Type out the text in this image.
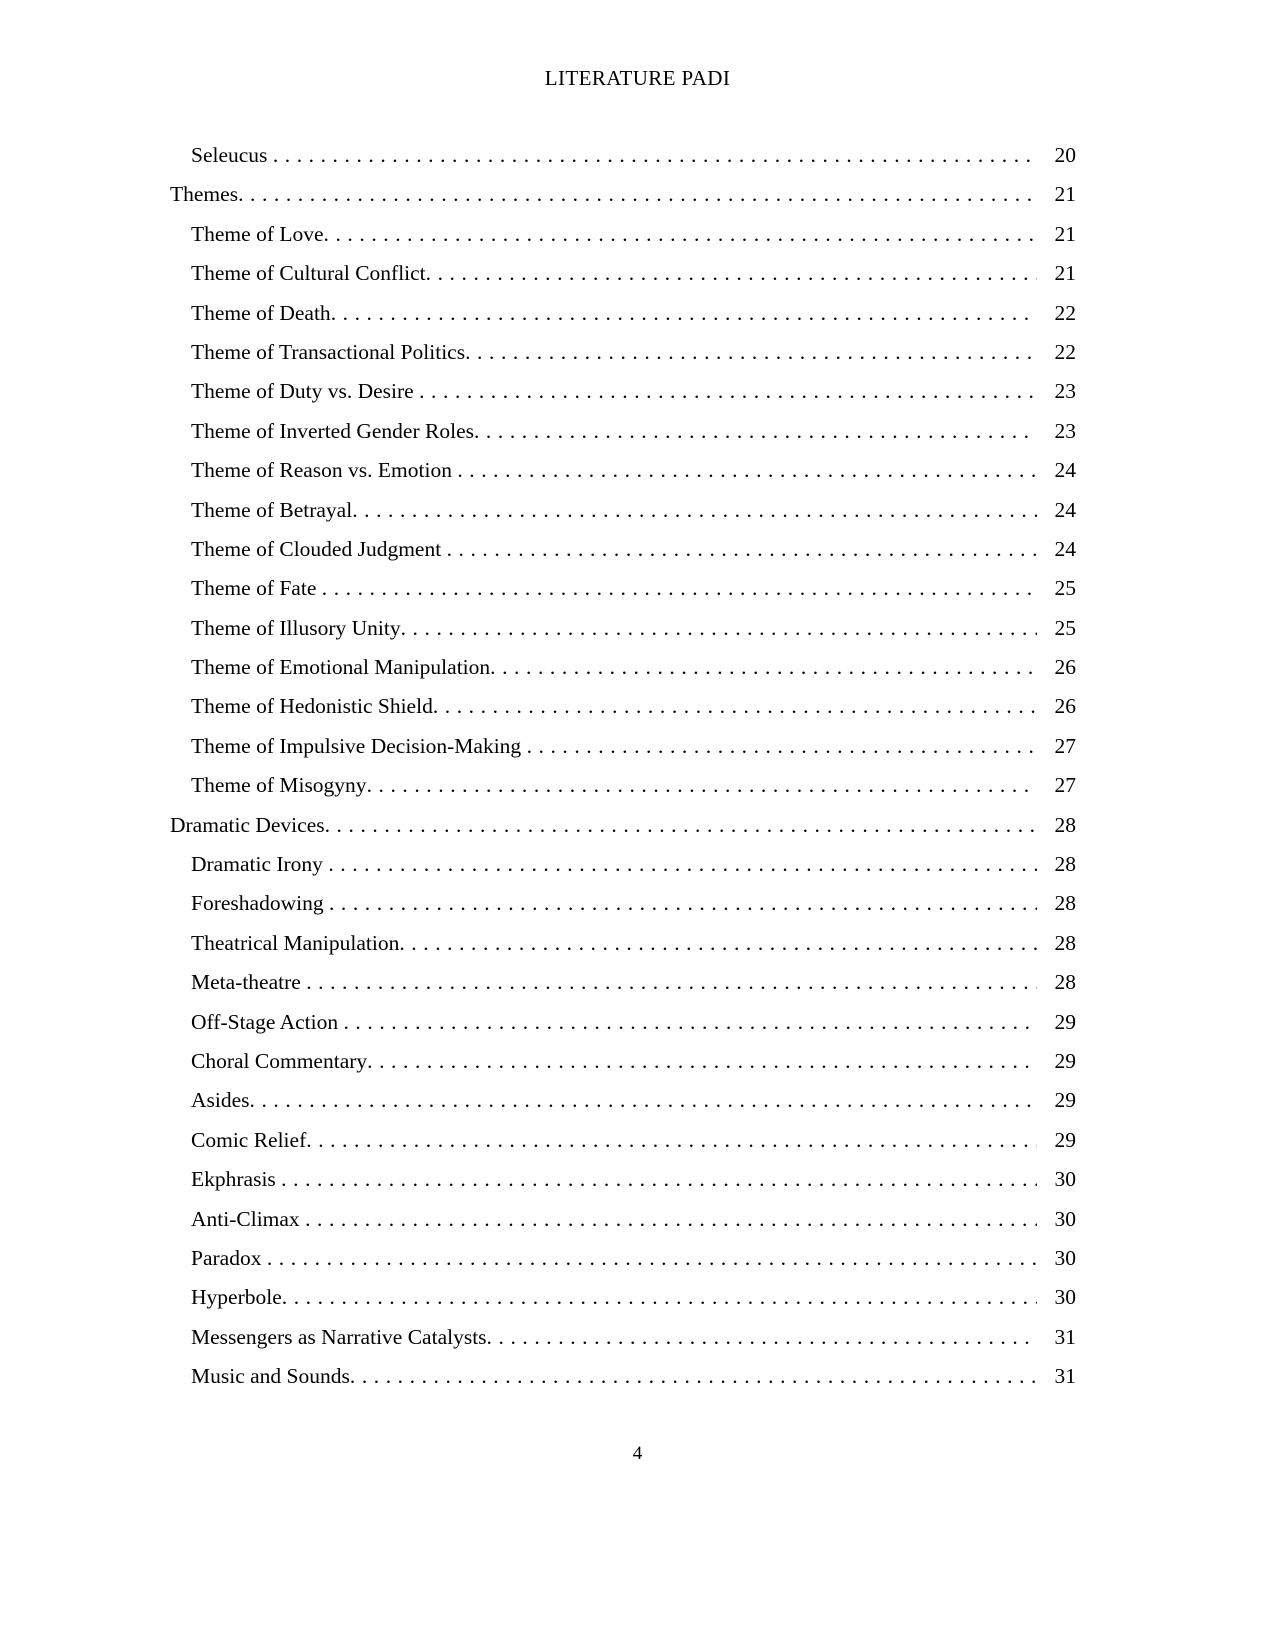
LITERATURE PADI
Seleucus . . .	20
Themes . . .	21
Theme of Love . . .	21
Theme of Cultural Conflict . . .	21
Theme of Death . . .	22
Theme of Transactional Politics . . .	22
Theme of Duty vs. Desire . . .	23
Theme of Inverted Gender Roles . . .	23
Theme of Reason vs. Emotion . . .	24
Theme of Betrayal . . .	24
Theme of Clouded Judgment . . .	24
Theme of Fate . . .	25
Theme of Illusory Unity . . .	25
Theme of Emotional Manipulation . . .	26
Theme of Hedonistic Shield . . .	26
Theme of Impulsive Decision-Making . . .	27
Theme of Misogyny . . .	27
Dramatic Devices . . .	28
Dramatic Irony . . .	28
Foreshadowing . . .	28
Theatrical Manipulation . . .	28
Meta-theatre . . .	28
Off-Stage Action . . .	29
Choral Commentary . . .	29
Asides . . .	29
Comic Relief . . .	29
Ekphrasis . . .	30
Anti-Climax . . .	30
Paradox . . .	30
Hyperbole . . .	30
Messengers as Narrative Catalysts . . .	31
Music and Sounds . . .	31
4
